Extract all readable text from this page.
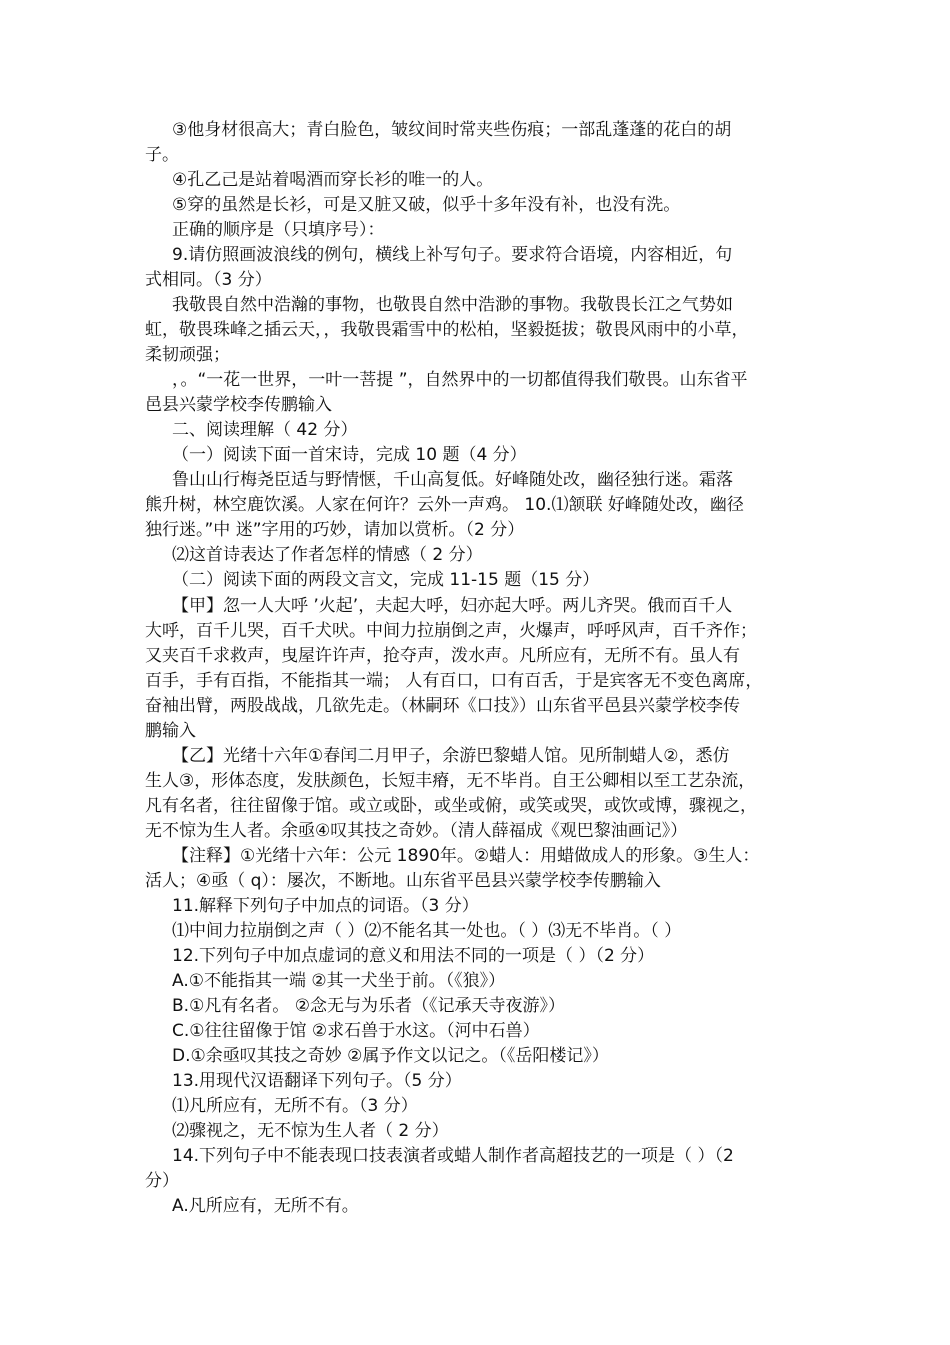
③他身材很高大；青白脸色，皱纹间时常夹些伤痕；一部乱蓬蓬的花白的胡
子。
④孔乙己是站着喝酒而穿长衫的唯一的人。
⑤穿的虽然是长衫，可是又脏又破，似乎十多年没有补，也没有洗。
正确的顺序是（只填序号）：
9.请仿照画波浪线的例句，横线上补写句子。要求符合语境，内容相近，句
式相同。（3 分）
我敬畏自然中浩瀚的事物，也敬畏自然中浩渺的事物。我敬畏长江之气势如
虹，敬畏珠峰之插云天，，我敬畏霜雪中的松柏，坚毅挺拔；敬畏风雨中的小草，
柔韧顽强；
，。“一花一世界，一叶一菩提 ”，自然界中的一切都值得我们敬畏。山东省平
邑县兴蒙学校李传鹏输入
二、阅读理解（ 42 分）
（一）阅读下面一首宋诗，完成 10 题（4 分）
鲁山山行梅尧臣适与野情惬，千山高复低。好峰随处改，幽径独行迷。霜落
熊升树，林空鹿饮溪。人家在何许？云外一声鸡。 10.⑴颔联 好峰随处改，幽径
独行迷。”中 迷”字用的巧妙，请加以赏析。（2 分）
⑵这首诗表达了作者怎样的情感（ 2 分）
（二）阅读下面的两段文言文，完成 11-15 题（15 分）
【甲】忽一人大呼 ’火起’，夫起大呼，妇亦起大呼。两儿齐哭。俄而百千人
大呼，百千儿哭，百千犬吠。中间力拉崩倒之声，火爆声，呼呼风声，百千齐作；
又夹百千求救声，曳屋许许声，抢夺声，泼水声。凡所应有，无所不有。虽人有
百手，手有百指，不能指其一端； 人有百口，口有百舌，于是宾客无不变色离席，
奋袖出臂，两股战战，几欲先走。（林嗣环《口技》）山东省平邑县兴蒙学校李传
鹏输入
【乙】光绪十六年①春闰二月甲子，余游巴黎蜡人馆。见所制蜡人②，悉仿
生人③，形体态度，发肤颜色，长短丰瘠，无不毕肖。自王公卿相以至工艺杂流，
凡有名者，往往留像于馆。或立或卧，或坐或俯，或笑或哭，或饮或博，骤视之，
无不惊为生人者。余亟④叹其技之奇妙。（清人薛福成《观巴黎油画记》）
【注释】①光绪十六年：公元 1890年。②蜡人：用蜡做成人的形象。③生人：
活人；④亟（ q）：屡次，不断地。山东省平邑县兴蒙学校李传鹏输入
11.解释下列句子中加点的词语。（3 分）
⑴中间力拉崩倒之声（ ）⑵不能名其一处也。（ ）⑶无不毕肖。（ ）
12.下列句子中加点虚词的意义和用法不同的一项是（ ）（2 分）
A.①不能指其一端 ②其一犬坐于前。（《狼》）
B.①凡有名者。 ②念无与为乐者（《记承天寺夜游》）
C.①往往留像于馆 ②求石兽于水这。（河中石兽）
D.①余亟叹其技之奇妙 ②属予作文以记之。（《岳阳楼记》）
13.用现代汉语翻译下列句子。（5 分）
⑴凡所应有，无所不有。（3 分）
⑵骤视之，无不惊为生人者（ 2 分）
14.下列句子中不能表现口技表演者或蜡人制作者高超技艺的一项是（ ）（2
分）
A.凡所应有，无所不有。
